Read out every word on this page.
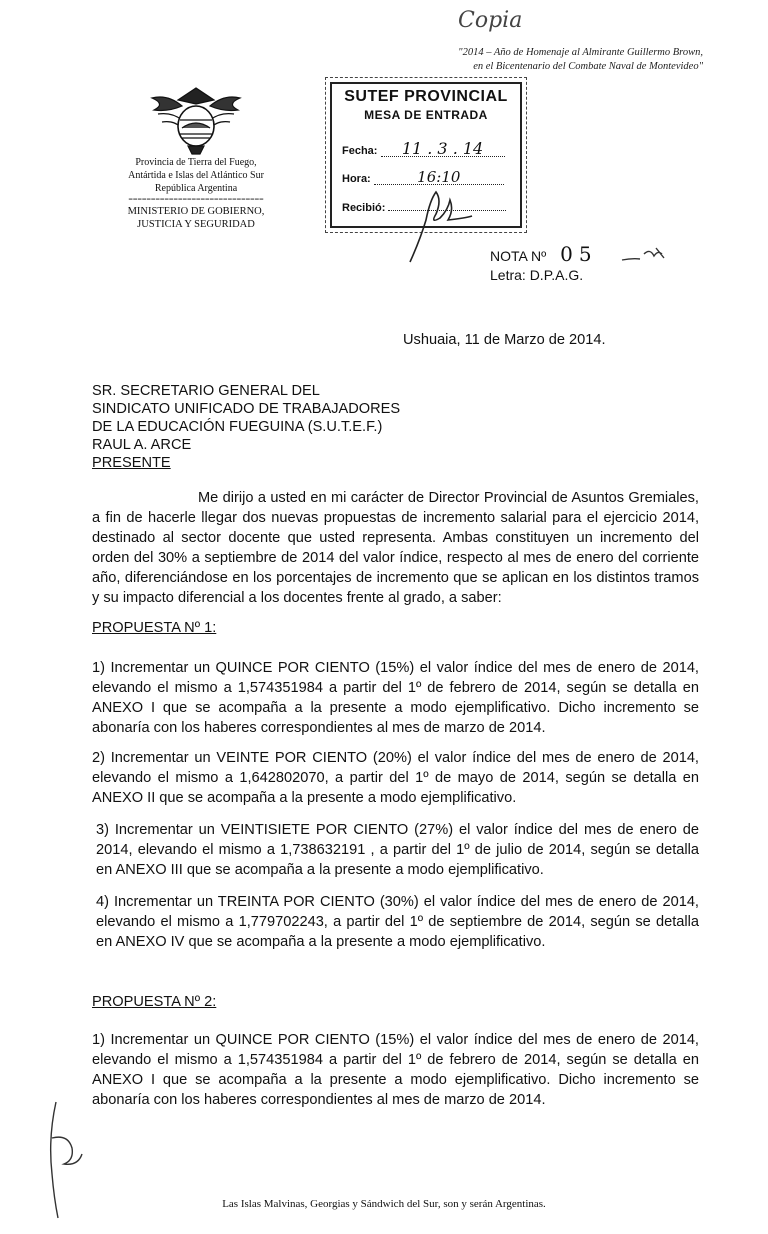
Copia
"2014 – Año de Homenaje al Almirante Guillermo Brown,
en el Bicentenario del Combate Naval de Montevideo"
Provincia de Tierra del Fuego,
Antártida e Islas del Atlántico Sur
República Argentina
==============================
MINISTERIO DE GOBIERNO,
JUSTICIA Y SEGURIDAD
SUTEF PROVINCIAL
MESA DE ENTRADA
Fecha: 11 . 3 . 14
Hora:	16:10
Recibió:
NOTA Nº 05
Letra: D.P.A.G.
Ushuaia, 11 de Marzo de 2014.
SR. SECRETARIO GENERAL DEL
SINDICATO UNIFICADO DE TRABAJADORES
DE LA EDUCACIÓN FUEGUINA (S.U.T.E.F.)
RAUL A. ARCE
PRESENTE

Me dirijo a usted en mi carácter de Director Provincial de Asuntos Gremiales, a fin de hacerle llegar dos nuevas propuestas de incremento salarial para el ejercicio 2014, destinado al sector docente que usted representa. Ambas constituyen un incremento del orden del 30% a septiembre de 2014 del valor índice, respecto al mes de enero del corriente año, diferenciándose en los porcentajes de incremento que se aplican en los distintos tramos y su impacto diferencial a los docentes frente al grado, a saber:

PROPUESTA Nº 1:

1) Incrementar un QUINCE POR CIENTO (15%) el valor índice del mes de enero de 2014, elevando el mismo a 1,574351984 a partir del 1º de febrero de 2014, según se detalla en ANEXO I que se acompaña a la presente a modo ejemplificativo. Dicho incremento se abonaría con los haberes correspondientes al mes de marzo de 2014.

2) Incrementar un VEINTE POR CIENTO (20%) el valor índice del mes de enero de 2014, elevando el mismo a 1,642802070, a partir del 1º de mayo de 2014, según se detalla en ANEXO II que se acompaña a la presente a modo ejemplificativo.

3) Incrementar un VEINTISIETE POR CIENTO (27%) el valor índice del mes de enero de 2014, elevando el mismo a 1,738632191 , a partir del 1º de julio de 2014, según se detalla en ANEXO III que se acompaña a la presente a modo ejemplificativo.

4) Incrementar un TREINTA POR CIENTO (30%) el valor índice del mes de enero de 2014, elevando el mismo a 1,779702243, a partir del 1º de septiembre de 2014, según se detalla en ANEXO IV que se acompaña a la presente a modo ejemplificativo.

PROPUESTA Nº 2:

1) Incrementar un QUINCE POR CIENTO (15%) el valor índice del mes de enero de 2014, elevando el mismo a 1,574351984 a partir del 1º de febrero de 2014, según se detalla en ANEXO I que se acompaña a la presente a modo ejemplificativo. Dicho incremento se abonaría con los haberes correspondientes al mes de marzo de 2014.

Las Islas Malvinas, Georgias y Sándwich del Sur, son y serán Argentinas.
